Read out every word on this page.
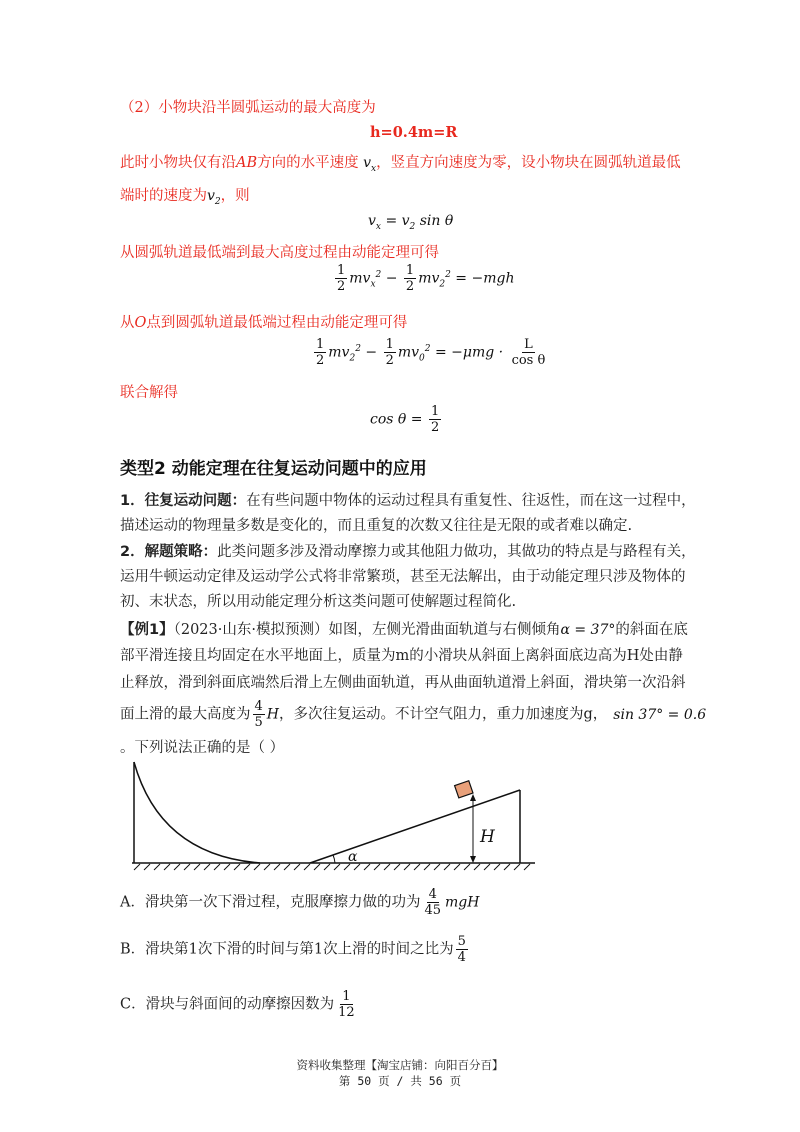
（2）小物块沿半圆弧运动的最大高度为
h=0.4m=R
此时小物块仅有沿AB方向的水平速度 $v_x$，竖直方向速度为零，设小物块在圆弧轨道最低
端时的速度为$v_2$，则
$v_x = v_2$ sin θ
从圆弧轨道最低端到最大高度过程由动能定理可得
$\frac{1}{2} mv_x^2 - \frac{1}{2} mv_2^2 = -mgh$
从O点到圆弧轨道最低端过程由动能定理可得
$\frac{1}{2} mv_2^2 - \frac{1}{2} mv_0^2 = -\mu mg \cdot \frac{L}{\text{cos θ}}$
联合解得
$\cos \theta = \frac{1}{2}$
类型2 动能定理在往复运动问题中的应用
1．往复运动问题：在有些问题中物体的运动过程具有重复性、往返性，而在这一过程中，
描述运动的物理量多数是变化的，而且重复的次数又往往是无限的或者难以确定.
2．解题策略：此类问题多涉及滑动摩擦力或其他阻力做功，其做功的特点是与路程有关，
运用牛顿运动定律及运动学公式将非常繁琐，甚至无法解出，由于动能定理只涉及物体的
初、末状态，所以用动能定理分析这类问题可使解题过程简化.
【例1】（2023·山东·模拟预测）如图，左侧光滑曲面轨道与右侧倾角α = 37°的斜面在底
部平滑连接且均固定在水平地面上，质量为m的小滑块从斜面上离斜面底边高为H处由静
止释放，滑到斜面底端然后滑上左侧曲面轨道，再从曲面轨道滑上斜面，滑块第一次沿斜
面上滑的最大高度为 $\frac{4}{5}$ H，多次往复运动。不计空气阻力，重力加速度为g， sin 37° = 0.6
。下列说法正确的是（ ）
α
H
A．滑块第一次下滑过程，克服摩擦力做的功为 $\frac{4}{45}$ mgH
B．滑块第1次下滑的时间与第1次上滑的时间之比为 $\frac{5}{4}$
C．滑块与斜面间的动摩擦因数为 $\frac{1}{12}$
资料收集整理【淘宝店铺：向阳百分百】
第 50 页 / 共 56 页
